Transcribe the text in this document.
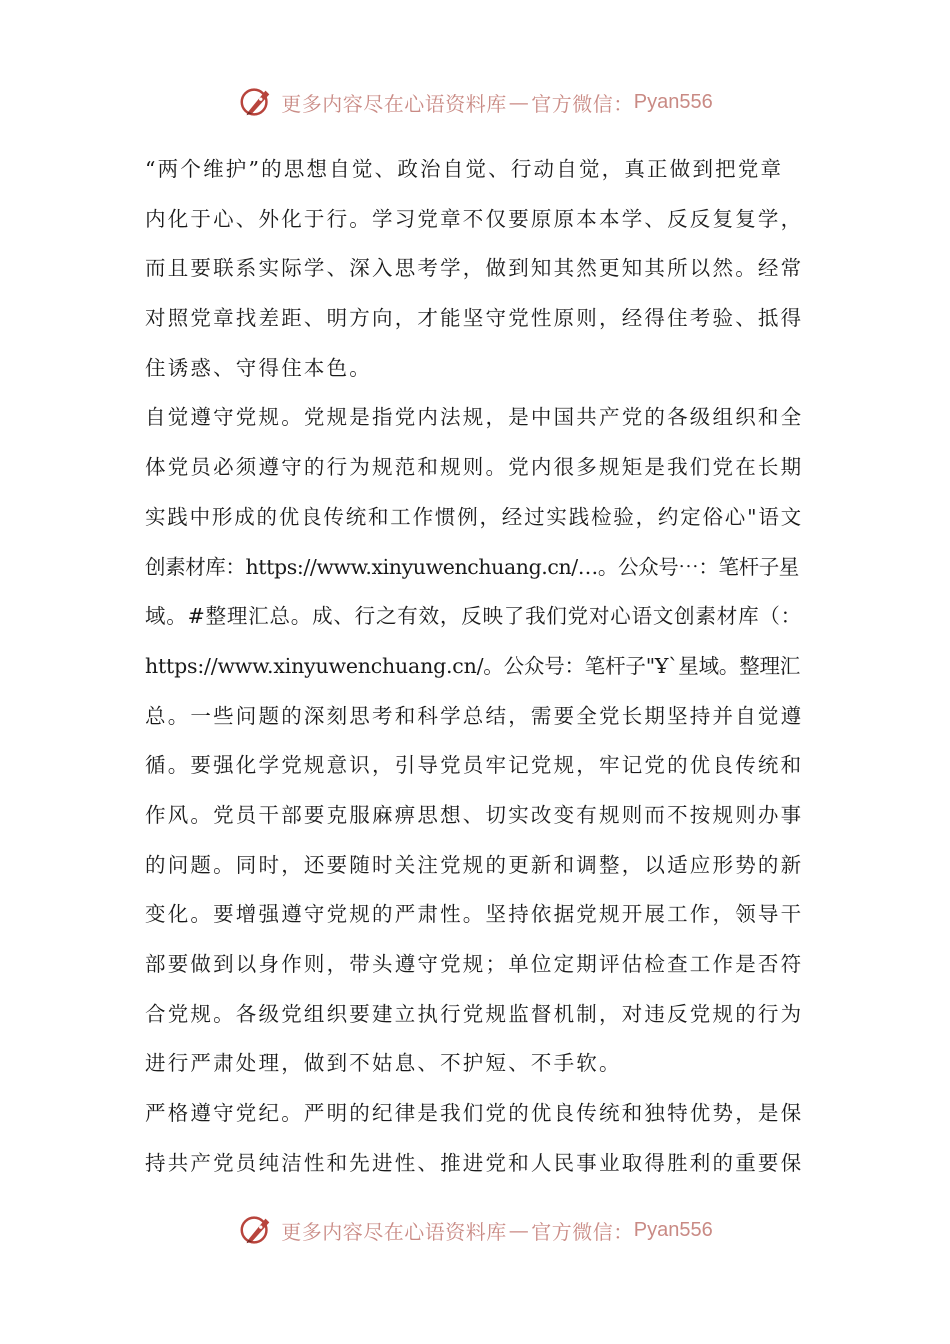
更多内容尽在心语资料库 — 官方微信： Pyan556
“两个维护”的思想自觉、政治自觉、行动自觉，真正做到把党章
内化于心、外化于行。学习党章不仅要原原本本学、反反复复学，
而且要联系实际学、深入思考学，做到知其然更知其所以然。经常
对照党章找差距、明方向，才能坚守党性原则，经得住考验、抵得
住诱惑、守得住本色。
自觉遵守党规。党规是指党内法规，是中国共产党的各级组织和全
体党员必须遵守的行为规范和规则。党内很多规矩是我们党在长期
实践中形成的优良传统和工作惯例，经过实践检验，约定俗心"语文
创素材库：https://www.xinyuwenchuang.cn/…。公众号⋯：笔杆子星
域。#整理汇总。成、行之有效，反映了我们党对心语文创素材库（：
https://www.xinyuwenchuang.cn/。公众号：笔杆子"Ұ`星域。整理汇
总。一些问题的深刻思考和科学总结，需要全党长期坚持并自觉遵
循。要强化学党规意识，引导党员牢记党规，牢记党的优良传统和
作风。党员干部要克服麻痹思想、切实改变有规则而不按规则办事
的问题。同时，还要随时关注党规的更新和调整，以适应形势的新
变化。要增强遵守党规的严肃性。坚持依据党规开展工作，领导干
部要做到以身作则，带头遵守党规；单位定期评估检查工作是否符
合党规。各级党组织要建立执行党规监督机制，对违反党规的行为
进行严肃处理，做到不姑息、不护短、不手软。
严格遵守党纪。严明的纪律是我们党的优良传统和独特优势，是保
持共产党员纯洁性和先进性、推进党和人民事业取得胜利的重要保
更多内容尽在心语资料库 — 官方微信： Pyan556
